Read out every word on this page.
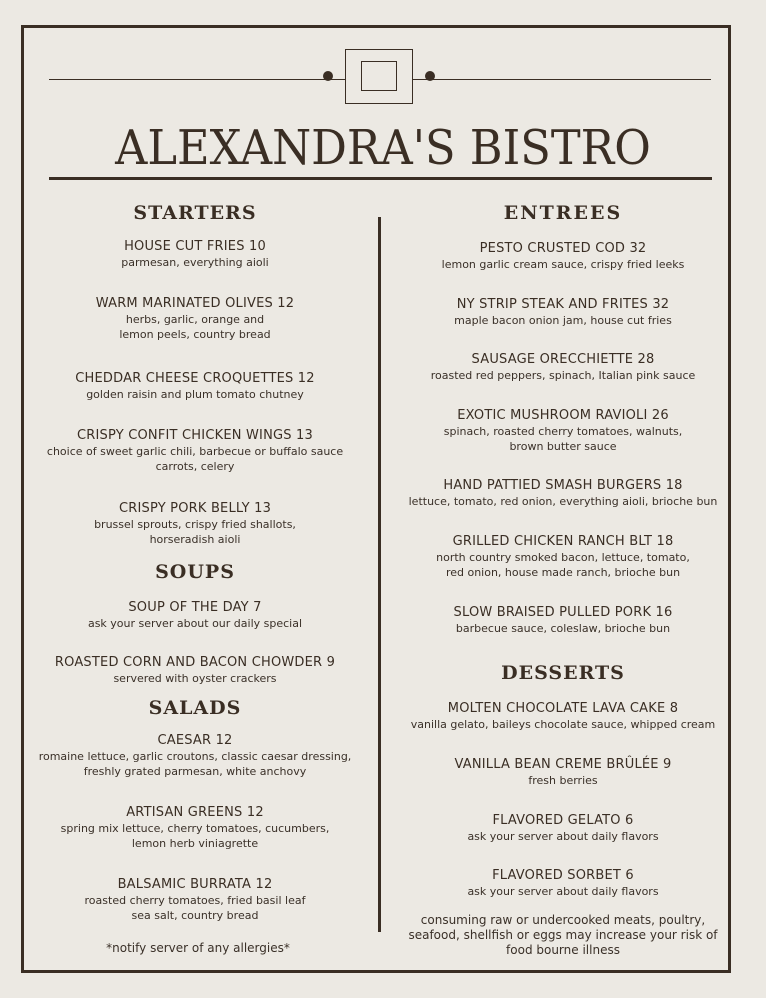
ALEXANDRA'S BISTRO
STARTERS
HOUSE CUT FRIES 10
parmesan, everything aioli
WARM MARINATED OLIVES 12
herbs, garlic, orange and
lemon peels, country bread
CHEDDAR CHEESE CROQUETTES 12
golden raisin and plum tomato chutney
CRISPY CONFIT CHICKEN WINGS 13
choice of sweet garlic chili, barbecue or buffalo sauce
carrots, celery
CRISPY PORK BELLY 13
brussel sprouts, crispy fried shallots,
horseradish aioli
SOUPS
SOUP OF THE DAY 7
ask your server about our daily special
ROASTED CORN AND BACON CHOWDER 9
servered with oyster crackers
SALADS
CAESAR 12
romaine lettuce, garlic croutons, classic caesar dressing,
freshly grated parmesan, white anchovy
ARTISAN GREENS 12
spring mix lettuce, cherry tomatoes, cucumbers,
lemon herb viniagrette
BALSAMIC BURRATA 12
roasted cherry tomatoes, fried basil leaf
sea salt, country bread
*notify server of any allergies*
ENTREES
PESTO CRUSTED COD 32
lemon garlic cream sauce, crispy fried leeks
NY STRIP STEAK AND FRITES 32
maple bacon onion jam, house cut fries
SAUSAGE ORECCHIETTE 28
roasted red peppers, spinach, Italian pink sauce
EXOTIC MUSHROOM RAVIOLI 26
spinach, roasted cherry tomatoes, walnuts,
brown butter sauce
HAND PATTIED SMASH BURGERS 18
lettuce, tomato, red onion, everything aioli, brioche bun
GRILLED CHICKEN RANCH BLT 18
north country smoked bacon, lettuce, tomato,
red onion, house made ranch, brioche bun
SLOW BRAISED PULLED PORK 16
barbecue sauce, coleslaw, brioche bun
DESSERTS
MOLTEN CHOCOLATE LAVA CAKE 8
vanilla gelato, baileys chocolate sauce, whipped cream
VANILLA BEAN CREME BRÛLÉE 9
fresh berries
FLAVORED GELATO 6
ask your server about daily flavors
FLAVORED SORBET 6
ask your server about daily flavors
consuming raw or undercooked meats, poultry,
seafood, shellfish or eggs may increase your risk of
food bourne illness
